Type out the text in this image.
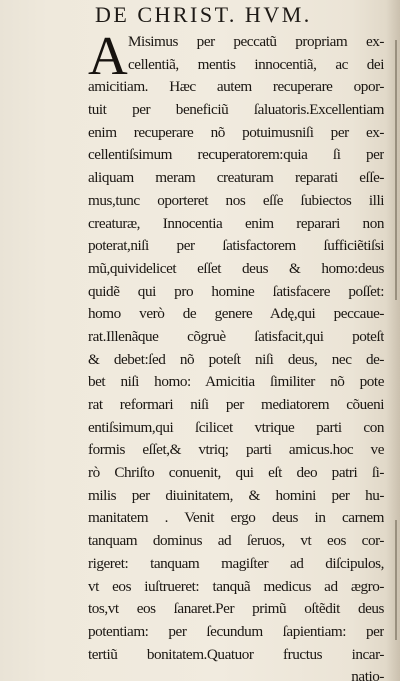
DE CHRIST. HVM.
A Misimus per peccatũ propriam ex-
cellentiã, mentis innocentiã, ac dei
amicitiam. Hæc autem recuperare opor-
tuit per beneficiũ ſaluatoris.Excellentiam
enim recuperare nõ potuimusniſi per ex-
cellentiſsimum recuperatorem:quia ſi per
aliquam meram creaturam reparati eſſe-
mus,tunc oporteret nos eſſe ſubiectos illi
creaturæ, Innocentia enim reparari non
poterat,niſi per ſatisfactorem ſufficiẽtiſsi
mũ,quividelicet eſſet deus & homo:deus
quidẽ qui pro homine ſatisfacere poſſet:
homo verò de genere Adę,qui peccauе-
rat.Illenãque cõgruè ſatisfacit,qui poteſt
& debet:ſed nõ poteſt niſi deus, nec de-
bet niſi homo: Amicitia ſimiliter nõ pote
rat reformari niſi per mediatorem cõueni
entiſsimum,qui ſcilicet vtrique parti con
formis eſſet,& vtriq; parti amicus.hoc ve
rò Chriſto conuenit, qui eſt deo patri ſi-
milis per diuinitatem, & homini per hu-
manitatem . Venit ergo deus in carnem
tanquam dominus ad ſeruos, vt eos cor-
rigeret: tanquam magiſter ad diſcipulos,
vt eos iuſtrueret: tanquã medicus ad ægro-
tos,vt eos ſanaret.Per primũ oſtẽdit deus
potentiam: per ſecundum ſapientiam: per
tertiũ bonitatem.Quatuor fructus incar-
natio-
